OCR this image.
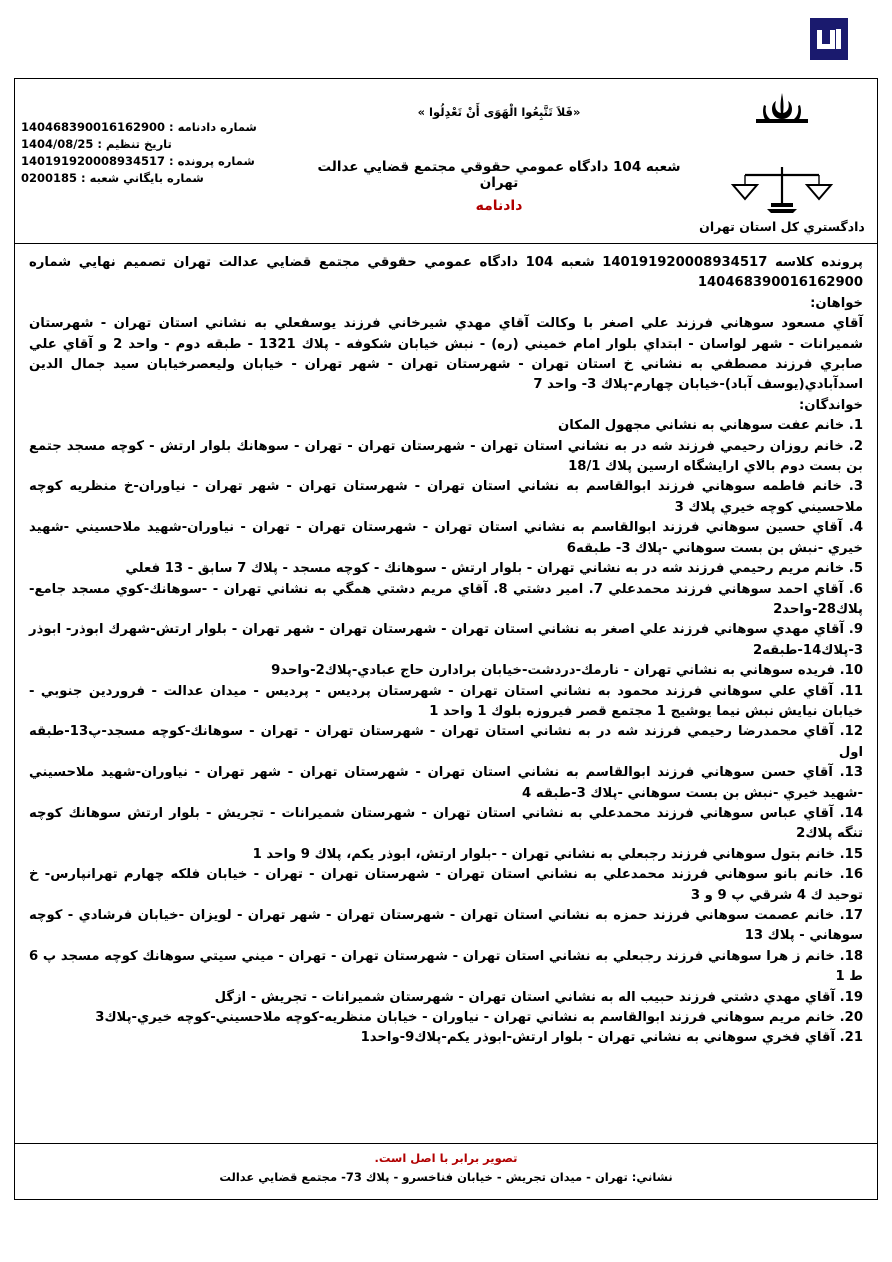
دادگستري كل استان تهران
«فَلاَ تَتَّبِعُوا الْهَوَى أَنْ تَعْدِلُوا »
شعبه 104 دادگاه عمومي حقوقي مجتمع قضايي عدالت تهران
دادنامه
شماره دادنامه : 140468390016162900
تاريخ تنظيم : 1404/08/25
شماره پرونده : 140191920008934517
شماره بايگاني شعبه : 0200185

پرونده كلاسه 140191920008934517 شعبه 104 دادگاه عمومي حقوقي مجتمع قضايي عدالت تهران تصميم نهايي شماره 140468390016162900

خواهان:

آقاي مسعود سوهاني فرزند علي اصغر با وكالت آقاي مهدي شيرخاني فرزند يوسفعلي به نشاني استان تهران - شهرستان شميرانات - شهر لواسان - ابتداي بلوار امام خميني (ره) - نبش خيابان شكوفه - پلاك 1321 - طبقه دوم - واحد 2 و آقاي علي صابري فرزند مصطفي به نشاني خ استان تهران - شهرستان تهران - شهر تهران - خيابان وليعصرخيابان سيد جمال الدين اسدآبادي(يوسف آباد)-خيابان چهارم-پلاك 3- واحد 7

خواندگان:

1. خانم عفت سوهاني به نشاني مجهول المكان

2. خانم روزان رحيمي فرزند شه در به نشاني استان تهران - شهرستان تهران - تهران - سوهانك بلوار ارتش - كوچه مسجد جتمع بن بست دوم بالاي ارايشگاه ارسين پلاك 18/1

3. خانم فاطمه سوهاني فرزند ابوالقاسم به نشاني استان تهران - شهرستان تهران - شهر تهران - نياوران-خ منظريه كوچه ملاحسيني كوچه خيري پلاك 3

4. آقاي حسين سوهاني فرزند ابوالقاسم به نشاني استان تهران - شهرستان تهران - تهران - نياوران-شهيد ملاحسيني -شهيد خيري -نبش بن بست سوهاني -پلاك 3- طبقه6

5. خانم مريم رحيمي فرزند شه در به نشاني تهران - بلوار ارتش - سوهانك - كوچه مسجد - پلاك 7 سابق - 13 فعلي

6. آقاي احمد سوهاني فرزند محمدعلي 7. امير دشتي 8. آقاي مريم دشتي همگي به نشاني تهران - -سوهانك-كوي مسجد جامع- پلاك28-واحد2

9. آقاي مهدي سوهاني فرزند علي اصغر به نشاني استان تهران - شهرستان تهران - شهر تهران - بلوار ارتش-شهرك ابوذر- ابوذر 3-پلاك14-طبقه2

10. فريده سوهاني به نشاني تهران - نارمك-دردشت-خيابان برادارن حاج عبادي-پلاك2-واحد9

11. آقاي علي سوهاني فرزند محمود به نشاني استان تهران - شهرستان پرديس - پرديس - ميدان عدالت - فروردين جنوبي - خيابان نيايش نبش نيما يوشيج 1 مجتمع قصر فيروزه بلوك 1 واحد 1

12. آقاي محمدرضا رحيمي فرزند شه در به نشاني استان تهران - شهرستان تهران - تهران - سوهانك-كوچه مسجد-پ13-طبقه اول

13. آقاي حسن سوهاني فرزند ابوالقاسم به نشاني استان تهران - شهرستان تهران - شهر تهران - نياوران-شهيد ملاحسيني -شهيد خيري -نبش بن بست سوهاني -پلاك 3-طبقه 4

14. آقاي عباس سوهاني فرزند محمدعلي به نشاني استان تهران - شهرستان شميرانات - تجريش - بلوار ارتش سوهانك كوچه تنگه پلاك2

15. خانم بتول سوهاني فرزند رجبعلي به نشاني تهران - -بلوار ارتش، ابوذر يكم، پلاك 9 واحد 1

16. خانم بانو سوهاني فرزند محمدعلي به نشاني استان تهران - شهرستان تهران - تهران - خيابان فلكه چهارم تهرانپارس- خ توحيد ك 4 شرقي پ 9 و 3

17. خانم عصمت سوهاني فرزند حمزه به نشاني استان تهران - شهرستان تهران - شهر تهران - لويزان -خيابان فرشادي - كوچه سوهاني - پلاك 13

18. خانم ز هرا سوهاني فرزند رجبعلي به نشاني استان تهران - شهرستان تهران - تهران - ميني سيتي سوهانك كوچه مسجد پ 6 ط 1

19. آقاي مهدي دشتي فرزند حبيب اله به نشاني استان تهران - شهرستان شميرانات - تجريش - ازگل

20. خانم مريم سوهاني فرزند ابوالقاسم به نشاني تهران - نياوران - خيابان منظريه-كوچه ملاحسيني-كوچه خيري-پلاك3

21. آقاي فخري سوهاني به نشاني تهران - بلوار ارتش-ابوذر يكم-پلاك9-واحد1

تصوير برابر با اصل است.
نشاني: تهران - ميدان تجريش - خيابان فناخسرو - پلاك 73- مجتمع قضايي عدالت
